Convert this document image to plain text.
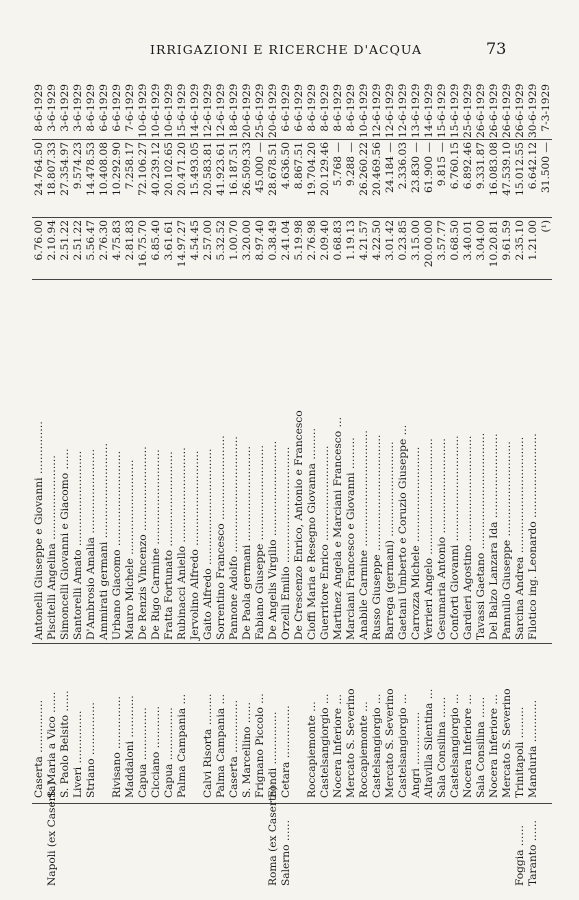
IRRIGAZIONI E RICERCHE D'ACQUA	73
Caserta ……………
Antonelli Giuseppe e Giovanni ……………
6.76.00
24.764.50
8-6-1929
Napoli (ex Caserta)
S. Maria a Vico ……
Piscitelli Angelina ……………………
2.10.94
18.807.33
3-6-1929
S. Paolo Belsito ……
Simoncelli Giovanni e Giacomo ……
2.51.22
27.354.97
3-6-1929
Liveri ……………
Santorelli Amato ………………………
2.51.22
9.574.23
3-6-1929
Striano ……………
D'Ambrosio Amalia ……………………
5.56.47
14.478.53
8-6-1929
Ammirati germani ………………………
2.76.30
10.408.08
6-6-1929
Rivisano ……………
Urbano Giacomo ………………………
4.75.83
10.292.90
6-6-1929
Maddaloni …………
Mauro Michele ………………………
2.81.83
7.258.17
7-6-1929
Capua ……………
De Renzis Vincenzo ……………………
16.75.70
72.106.27
10-6-1929
Cicciano …………
De Rigo Carmine ………………………
6.85.40
40.239.12
10-6-1929
Capua ……………
Fratta Fortunato ………………………
3.61.61
20.102.65
10-6-1929
Palma Campania …
Rubinacci Aniello ………………………
14.97.27
20.471.20
15-6-1929
Jervolino Alfredo ………………………
4.54.45
15.493.05
14-6-1929
Calvi Risorta ………
Gaito Alfredo ……………………………
2.57.00
20.583.81
12-6-1929
Palma Campania …
Sorrentino Francesco ……………………
5.32.52
41.923.61
12-6-1929
Caserta ……………
Pannone Adolfo ……………………………
1.00.70
16.187.51
18-6-1929
S. Marcellino ……
De Paola germani ………………………
3.20.00
26.509.33
20-6-1929
Frignano Piccolo …
Fabiano Giuseppe ………………………
8.97.40
45.000 —
25-6-1929
Roma (ex Caserta)
Fondi ……………
De Angelis Virgilio ………………………
0.38.49
28.678.51
20-6-1929
Salerno ……
Cetara ……………
Orzelli Emilio ……………………………
2.41.04
4.636.50
6-6-1929
De Crescenzo Enrico, Antonio e Francesco
5.19.98
8.867.51
6-6-1929
Roccapiemonte …
Cioffi Maria e Resegno Giovanna ………
2.76.98
19.704.20
8-6-1929
Castelsangiorgio …
Guerritore Enrico ………………………
2.09.40
20.129.46
8-6-1929
Nocera Inferiore …
Martinez Angela e Marciani Francesco …
0.68.83
5.768 —
8-6-1929
Mercato S. Severino
Marciani Francesco e Giovanni ………
1.19.13
9.288 —
8-6-1929
Roccapiemonte …
Anabile Carmine ……………………………
4.21.57
26.260.22
10-6-1929
Castelsangiorgio …
Russo Giuseppe ……………………………
4.22.50
20.469.56
12-6-1929
Mercato S. Severino
Barrega (germani) ………………………
3.01.42
24.184 —
12-6-1929
Castelsangiorgio …
Gaetani Umberto e Coruzio Giuseppe …
0.23.85
2.336.03
12-6-1929
Angri ……………
Carrozza Michele ………………………
3.15.00
23.830 —
13-6-1929
Altavilla Silentina …
Verrieri Angelo ……………………………
20.00.00
61.900 —
14-6-1929
Sala Consilina ……
Gesumaria Antonio ………………………
3.57.77
9.815 —
15-6-1929
Castelsangiorgio …
Conforti Giovanni …………………………
0.68.50
6.760.15
15-6-1929
Nocera Inferiore …
Gardieri Agostino …………………………
3.40.01
6.892.46
25-6-1929
Sala Consilina ……
Tavassi Gaetano ……………………………
3.04.00
9.331.87
26-6-1929
Nocera Inferiore …
Del Balzo Lanzara Ida ……………………
10.20.81
16.083.08
26-6-1929
Mercato S. Severino
Pannullo Giuseppe ………………………
9.61.59
47.539.10
26-6-1929
Foggia ……
Trinitapoli ………
Sarcina Andrea ……………………………
2.35.10
15.012.55
26-6-1929
Taranto ……
Manduria …………
Filotico ing. Leonardo ……………………
1.21.00
6.642.12
30-6-1929
(¹)
31.500 —
7-3-1929
